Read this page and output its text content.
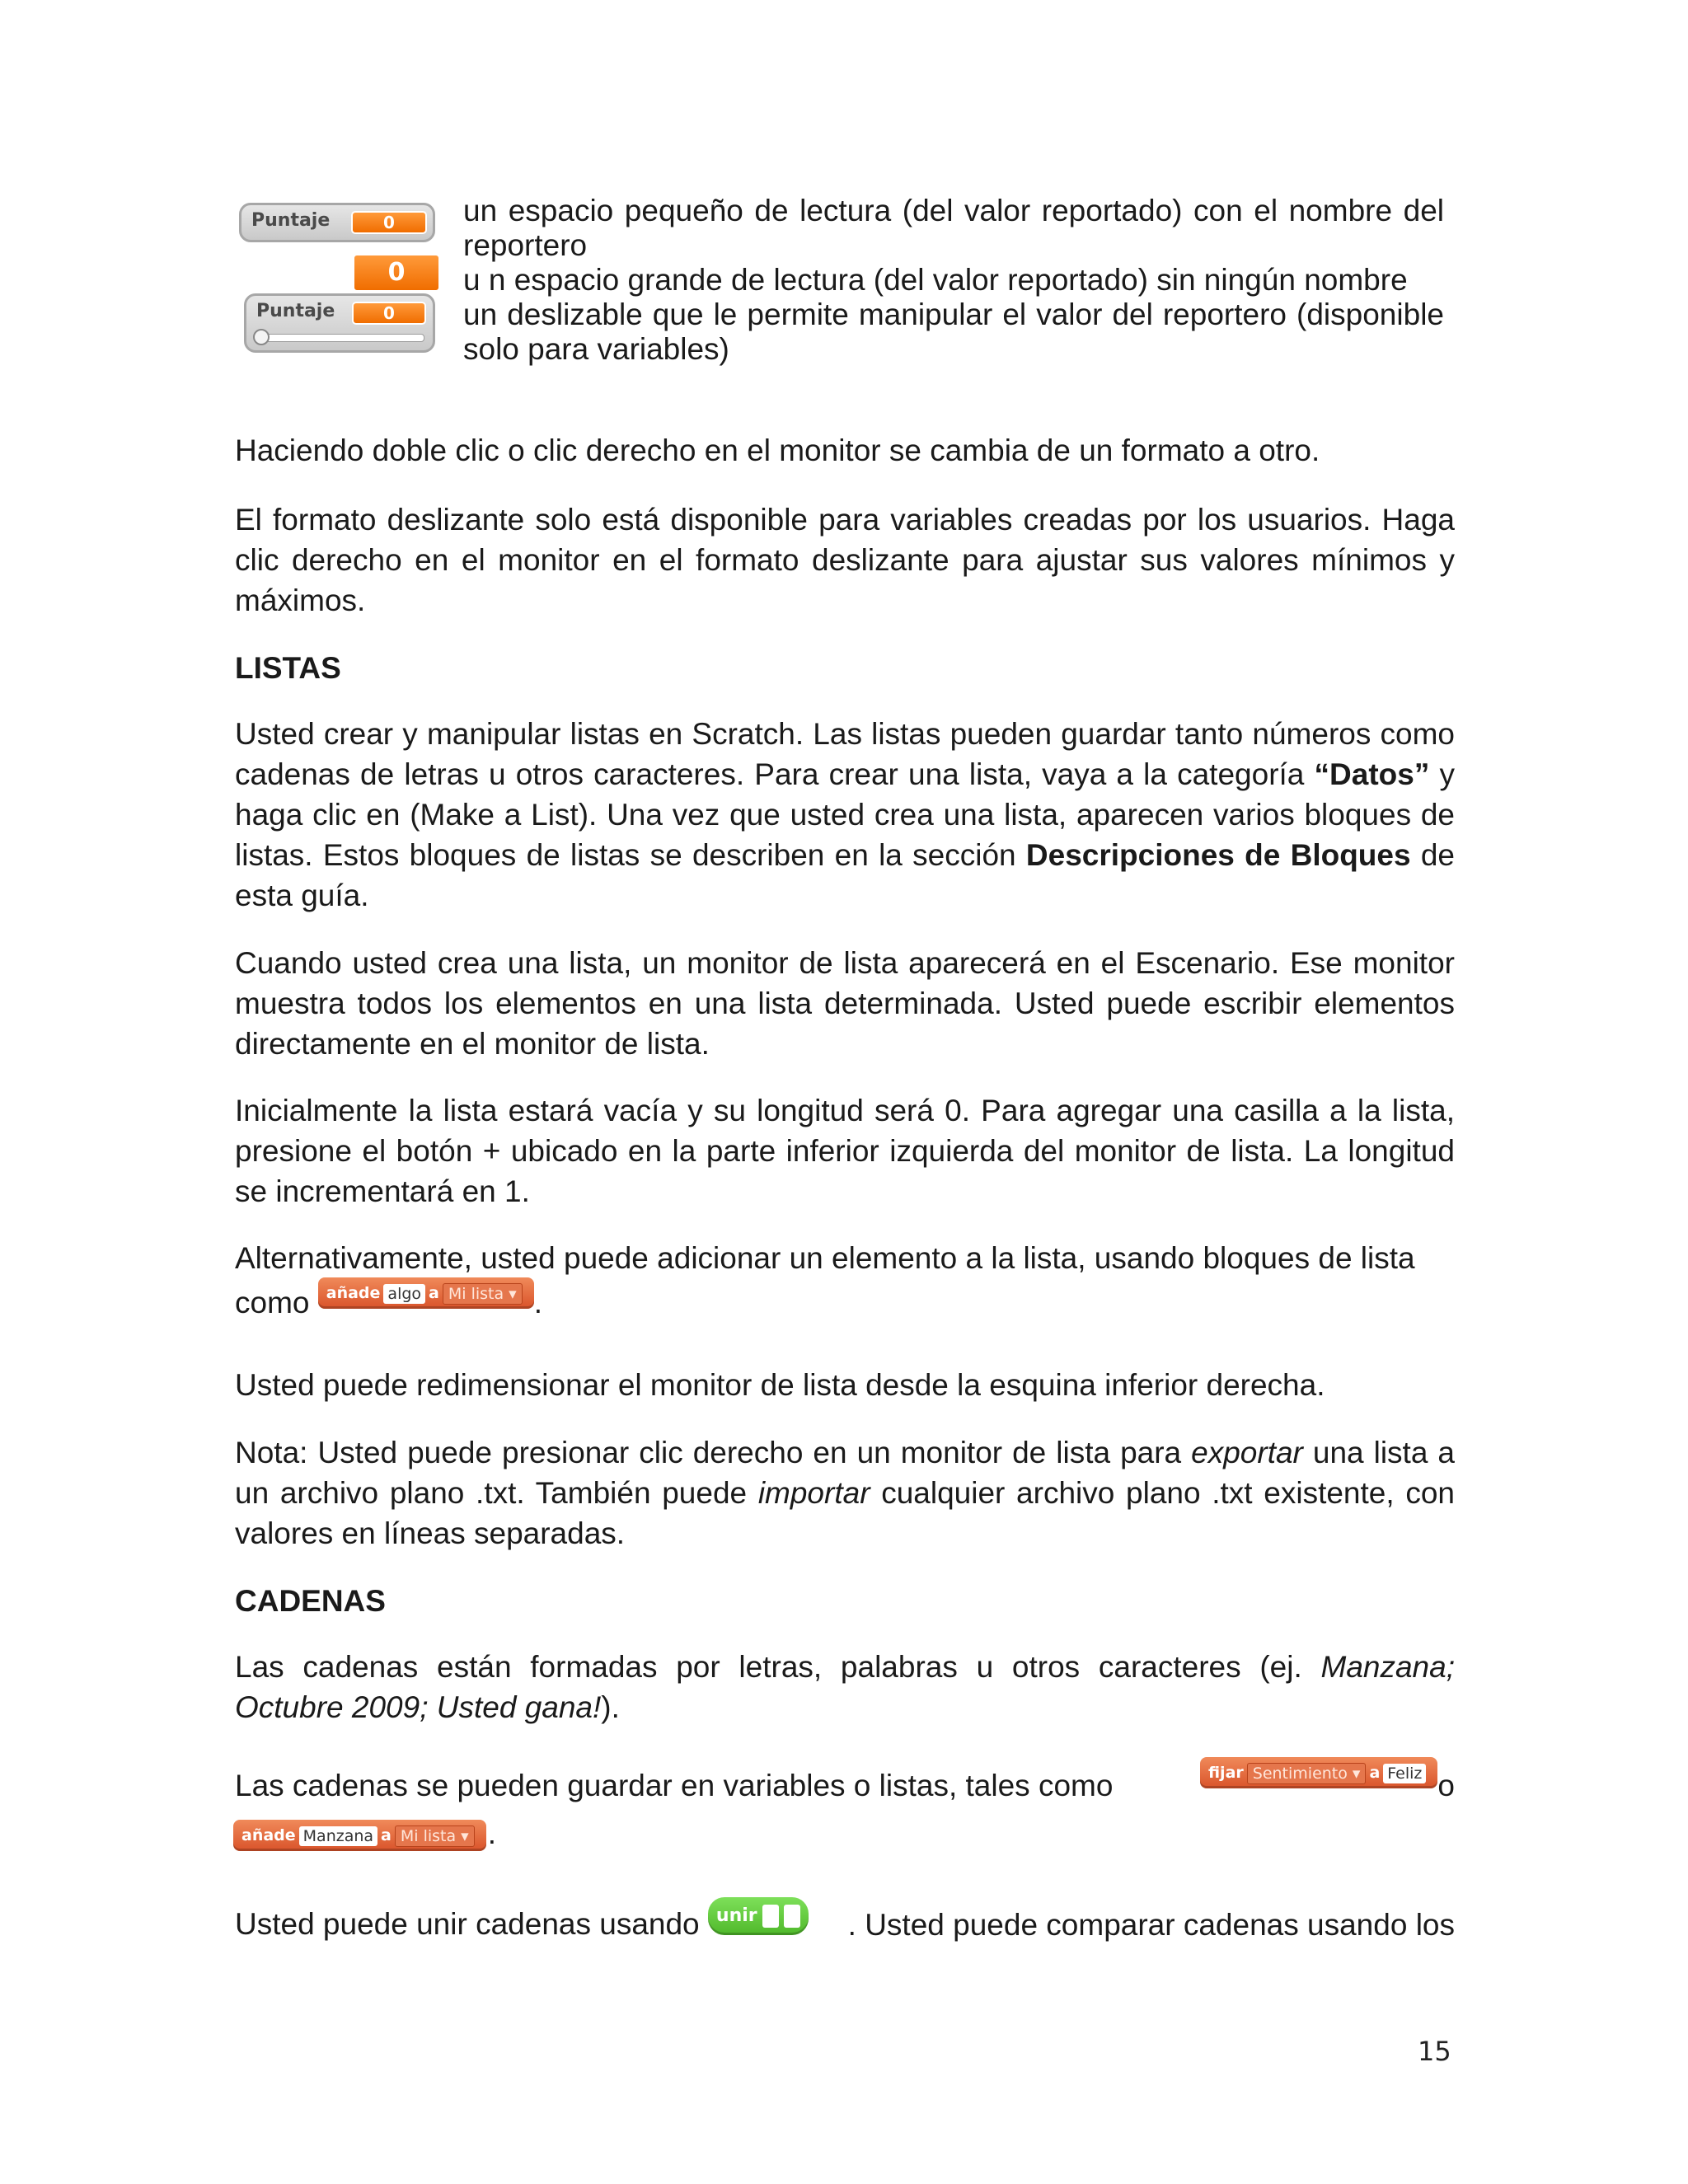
Puntaje	0
0
Puntaje	0

un espacio pequeño de lectura (del valor reportado) con el nombre del reportero

u n espacio grande de lectura (del valor reportado) sin ningún nombre

un deslizable que le permite manipular el valor del reportero (disponible solo para variables)

Haciendo doble clic o clic derecho en el monitor se cambia de un formato a otro.

El formato deslizante solo está disponible para variables creadas por los usuarios. Haga clic derecho en el monitor en el formato deslizante para ajustar sus valores mínimos y máximos.

LISTAS

Usted crear y manipular listas en Scratch. Las listas pueden guardar tanto números como cadenas de letras u otros caracteres. Para crear una lista, vaya a la categoría “Datos” y haga clic en (Make a List). Una vez que usted crea una lista, aparecen varios bloques de listas. Estos bloques de listas se describen en la sección Descripciones de Bloques de esta guía.

Cuando usted crea una lista, un monitor de lista aparecerá en el Escenario. Ese monitor muestra todos los elementos en una lista determinada. Usted puede escribir elementos directamente en el monitor de lista.

Inicialmente la lista estará vacía y su longitud será 0. Para agregar una casilla a la lista, presione el botón + ubicado en la parte inferior izquierda del monitor de lista. La longitud se incrementará en 1.

Alternativamente, usted puede adicionar un elemento a la lista, usando bloques de lista

como añade algo a Mi lista ▾ .

Usted puede redimensionar el monitor de lista desde la esquina inferior derecha.

Nota: Usted puede presionar clic derecho en un monitor de lista para exportar una lista a un archivo plano .txt. También puede importar cualquier archivo plano .txt existente, con valores en líneas separadas.

CADENAS

Las cadenas están formadas por letras, palabras u otros caracteres (ej. Manzana; Octubre 2009; Usted gana!).

Las cadenas se pueden guardar en variables o listas, tales como	fijar Sentimiento ▾ a Feliz o
añade Manzana a Mi lista ▾ .
Usted puede unir cadenas usando unir	. Usted puede comparar cadenas usando los
15
